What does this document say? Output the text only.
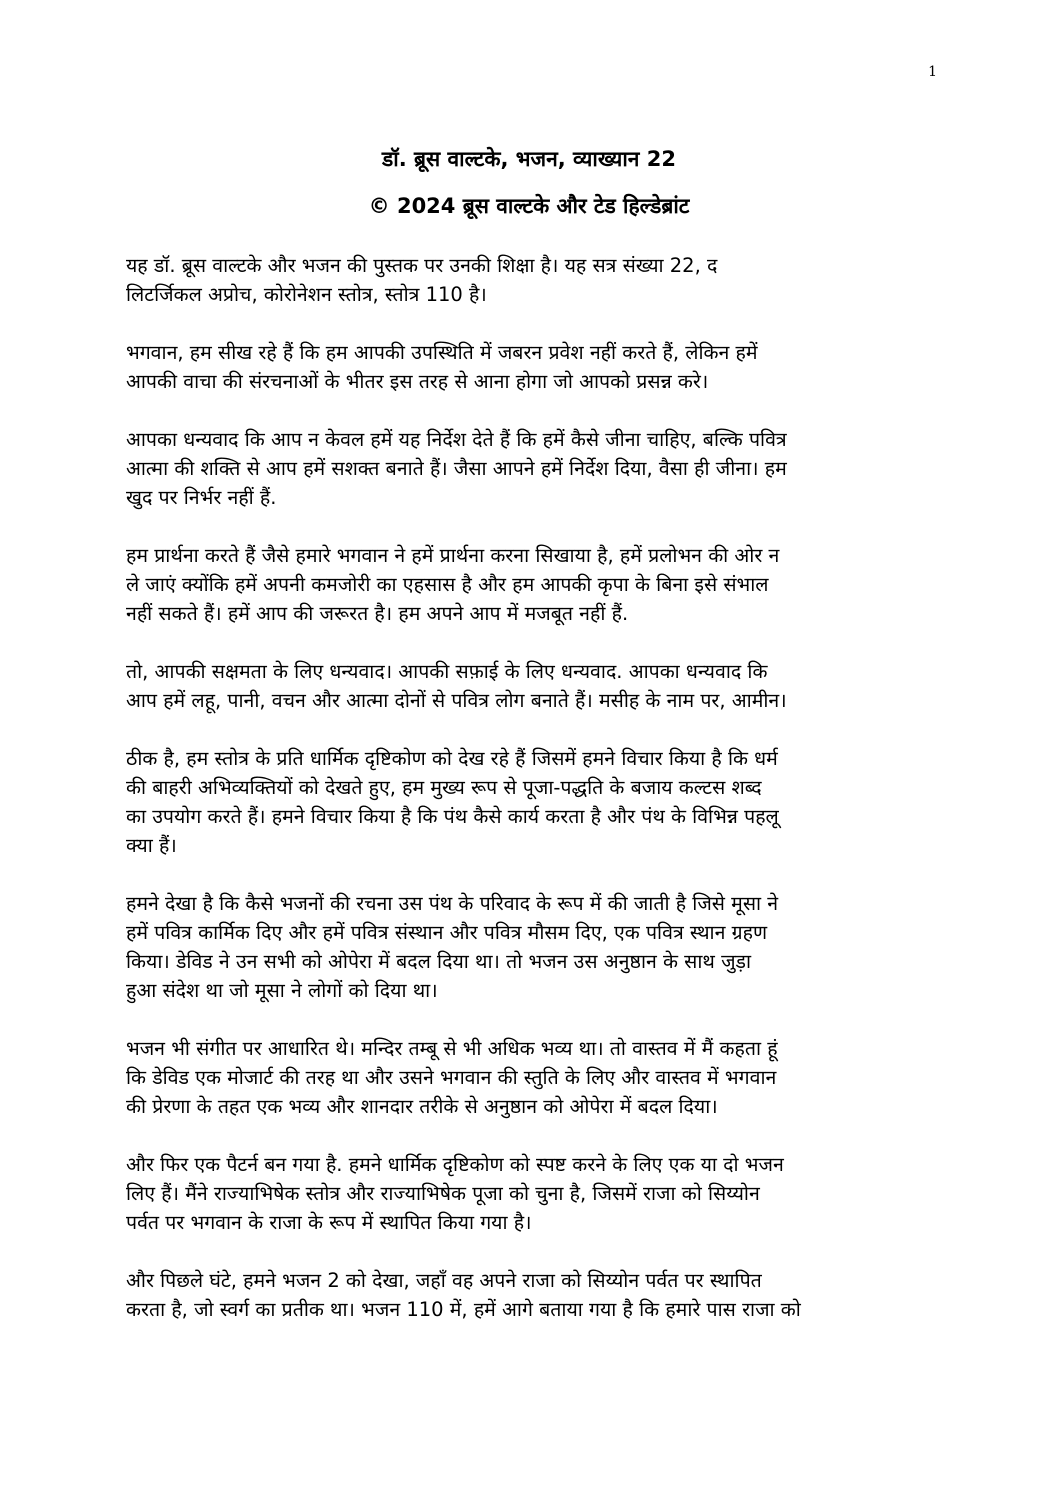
1
डॉ. ब्रूस वाल्टके, भजन, व्याख्यान 22
© 2024 ब्रूस वाल्टके और टेड हिल्डेब्रांट

यह डॉ. ब्रूस वाल्टके और भजन की पुस्तक पर उनकी शिक्षा है। यह सत्र संख्या 22, द
लिटर्जिकल अप्रोच, कोरोनेशन स्तोत्र, स्तोत्र 110 है।

भगवान, हम सीख रहे हैं कि हम आपकी उपस्थिति में जबरन प्रवेश नहीं करते हैं, लेकिन हमें
आपकी वाचा की संरचनाओं के भीतर इस तरह से आना होगा जो आपको प्रसन्न करे।

आपका धन्यवाद कि आप न केवल हमें यह निर्देश देते हैं कि हमें कैसे जीना चाहिए, बल्कि पवित्र
आत्मा की शक्ति से आप हमें सशक्त बनाते हैं। जैसा आपने हमें निर्देश दिया, वैसा ही जीना। हम
खुद पर निर्भर नहीं हैं.

हम प्रार्थना करते हैं जैसे हमारे भगवान ने हमें प्रार्थना करना सिखाया है, हमें प्रलोभन की ओर न
ले जाएं क्योंकि हमें अपनी कमजोरी का एहसास है और हम आपकी कृपा के बिना इसे संभाल
नहीं सकते हैं। हमें आप की जरूरत है। हम अपने आप में मजबूत नहीं हैं.

तो, आपकी सक्षमता के लिए धन्यवाद। आपकी सफ़ाई के लिए धन्यवाद. आपका धन्यवाद कि
आप हमें लहू, पानी, वचन और आत्मा दोनों से पवित्र लोग बनाते हैं। मसीह के नाम पर, आमीन।

ठीक है, हम स्तोत्र के प्रति धार्मिक दृष्टिकोण को देख रहे हैं जिसमें हमने विचार किया है कि धर्म
की बाहरी अभिव्यक्तियों को देखते हुए, हम मुख्य रूप से पूजा-पद्धति के बजाय कल्टस शब्द
का उपयोग करते हैं। हमने विचार किया है कि पंथ कैसे कार्य करता है और पंथ के विभिन्न पहलू
क्या हैं।

हमने देखा है कि कैसे भजनों की रचना उस पंथ के परिवाद के रूप में की जाती है जिसे मूसा ने
हमें पवित्र कार्मिक दिए और हमें पवित्र संस्थान और पवित्र मौसम दिए, एक पवित्र स्थान ग्रहण
किया। डेविड ने उन सभी को ओपेरा में बदल दिया था। तो भजन उस अनुष्ठान के साथ जुड़ा
हुआ संदेश था जो मूसा ने लोगों को दिया था।

भजन भी संगीत पर आधारित थे। मन्दिर तम्बू से भी अधिक भव्य था। तो वास्तव में मैं कहता हूं
कि डेविड एक मोजार्ट की तरह था और उसने भगवान की स्तुति के लिए और वास्तव में भगवान
की प्रेरणा के तहत एक भव्य और शानदार तरीके से अनुष्ठान को ओपेरा में बदल दिया।

और फिर एक पैटर्न बन गया है. हमने धार्मिक दृष्टिकोण को स्पष्ट करने के लिए एक या दो भजन
लिए हैं। मैंने राज्याभिषेक स्तोत्र और राज्याभिषेक पूजा को चुना है, जिसमें राजा को सिय्योन
पर्वत पर भगवान के राजा के रूप में स्थापित किया गया है।

और पिछले घंटे, हमने भजन 2 को देखा, जहाँ वह अपने राजा को सिय्योन पर्वत पर स्थापित
करता है, जो स्वर्ग का प्रतीक था। भजन 110 में, हमें आगे बताया गया है कि हमारे पास राजा को
